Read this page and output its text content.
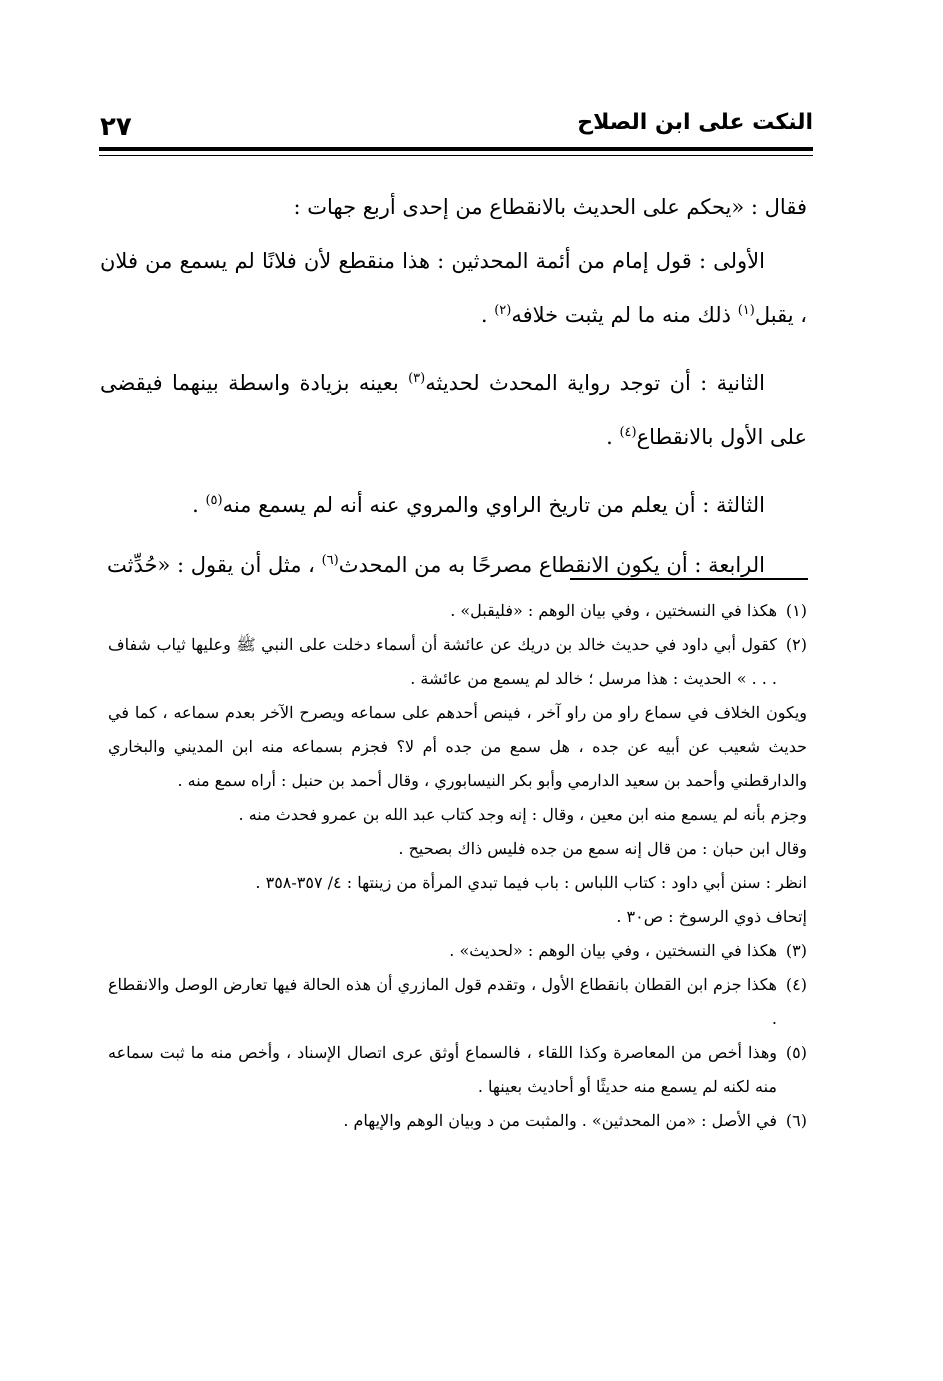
النكت على ابن الصلاح
٢٧

فقال : «يحكم على الحديث بالانقطاع من إحدى أربع جهات :

الأولى : قول إمام من أئمة المحدثين : هذا منقطع لأن فلانًا لم يسمع من فلان ، يقبل$^{(١)}$ ذلك منه ما لم يثبت خلافه$^{(٢)}$ .

الثانية : أن توجد رواية المحدث لحديثه$^{(٣)}$ بعينه بزيادة واسطة بينهما فيقضى على الأول بالانقطاع$^{(٤)}$ .

الثالثة : أن يعلم من تاريخ الراوي والمروي عنه أنه لم يسمع منه$^{(٥)}$ .

الرابعة : أن يكون الانقطاع مصرحًا به من المحدث$^{(٦)}$ ، مثل أن يقول : «حُدِّثت

(١)

هكذا في النسختين ، وفي بيان الوهم : «فليقبل» .

(٢)

كقول أبي داود في حديث خالد بن دريك عن عائشة أن أسماء دخلت على النبي ﷺ وعليها ثياب شفاف . . . » الحديث : هذا مرسل ؛ خالد لم يسمع من عائشة .

ويكون الخلاف في سماع راو من راو آخر ، فينص أحدهم على سماعه ويصرح الآخر بعدم سماعه ، كما في حديث شعيب عن أبيه عن جده ، هل سمع من جده أم لا؟ فجزم بسماعه منه ابن المديني والبخاري والدارقطني وأحمد بن سعيد الدارمي وأبو بكر النيسابوري ، وقال أحمد بن حنبل : أراه سمع منه .

وجزم بأنه لم يسمع منه ابن معين ، وقال : إنه وجد كتاب عبد الله بن عمرو فحدث منه .

وقال ابن حبان : من قال إنه سمع من جده فليس ذاك بصحيح .

انظر : سنن أبي داود : كتاب اللباس : باب فيما تبدي المرأة من زينتها : ٤/ ٣٥٧-٣٥٨ .

إتحاف ذوي الرسوخ : ص٣٠ .

(٣)

هكذا في النسختين ، وفي بيان الوهم : «لحديث» .

(٤)

هكذا جزم ابن القطان بانقطاع الأول ، وتقدم قول المازري أن هذه الحالة فيها تعارض الوصل والانقطاع .

(٥)

وهذا أخص من المعاصرة وكذا اللقاء ، فالسماع أوثق عرى اتصال الإسناد ، وأخص منه ما ثبت سماعه منه لكنه لم يسمع منه حديثًا أو أحاديث بعينها .

(٦)

في الأصل : «من المحدثين» . والمثبت من د وبيان الوهم والإيهام .
